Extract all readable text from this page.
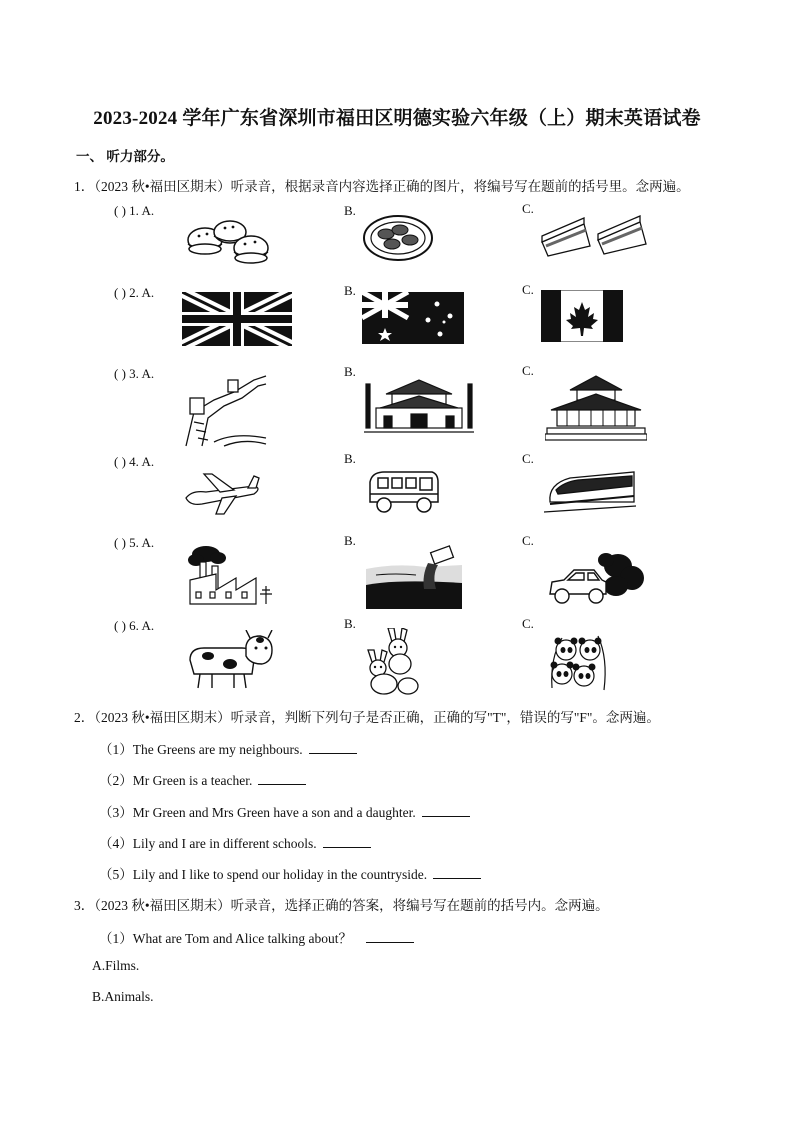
2023-2024 学年广东省深圳市福田区明德实验六年级（上）期末英语试卷
一、 听力部分。
1．（2023 秋•福田区期末）听录音，根据录音内容选择正确的图片，将编号写在题前的括号里。念两遍。
( ) 1. A.	B.	C.
( ) 2. A.	B.	C.
( ) 3. A.	B.	C.
( ) 4. A.	B.	C.
( ) 5. A.	B.	C.
( ) 6. A.	B.	C.
2．（2023 秋•福田区期末）听录音，判断下列句子是否正确，正确的写"T"，错误的写"F"。念两遍。
（1）The Greens are my neighbours.
（2）Mr Green is a teacher.
（3）Mr Green and Mrs Green have a son and a daughter.
（4）Lily and I are in different schools.
（5）Lily and I like to spend our holiday in the countryside.
3．（2023 秋•福田区期末）听录音，选择正确的答案，将编号写在题前的括号内。念两遍。
（1）What are Tom and Alice talking about？
A.Films.
B.Animals.
